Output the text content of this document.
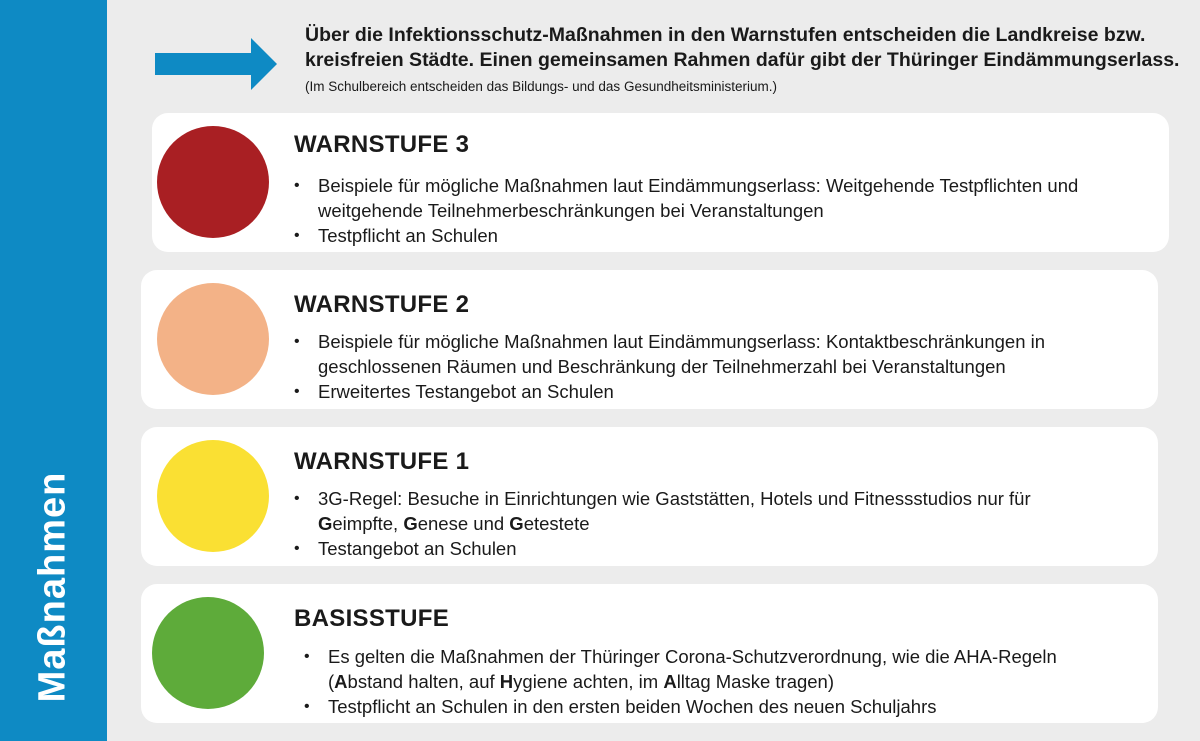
Maßnahmen
Über die Infektionsschutz-Maßnahmen in den Warnstufen entscheiden die Landkreise bzw. kreisfreien Städte. Einen gemeinsamen Rahmen dafür gibt der Thüringer Eindämmungserlass. (Im Schulbereich entscheiden das Bildungs- und das Gesundheitsministerium.)
WARNSTUFE 3
• Beispiele für mögliche Maßnahmen laut Eindämmungserlass: Weitgehende Testpflichten und weitgehende Teilnehmerbeschränkungen bei Veranstaltungen
• Testpflicht an Schulen
WARNSTUFE 2
• Beispiele für mögliche Maßnahmen laut Eindämmungserlass: Kontaktbeschränkungen in geschlossenen Räumen und Beschränkung der Teilnehmerzahl bei Veranstaltungen
• Erweitertes Testangebot an Schulen
WARNSTUFE 1
• 3G-Regel: Besuche in Einrichtungen wie Gaststätten, Hotels und Fitnessstudios nur für
Geimpfte, Genese und Getestete
• Testangebot an Schulen
BASISSTUFE
• Es gelten die Maßnahmen der Thüringer Corona-Schutzverordnung, wie die AHA-Regeln
(Abstand halten, auf Hygiene achten, im Alltag Maske tragen)
• Testpflicht an Schulen in den ersten beiden Wochen des neuen Schuljahrs
